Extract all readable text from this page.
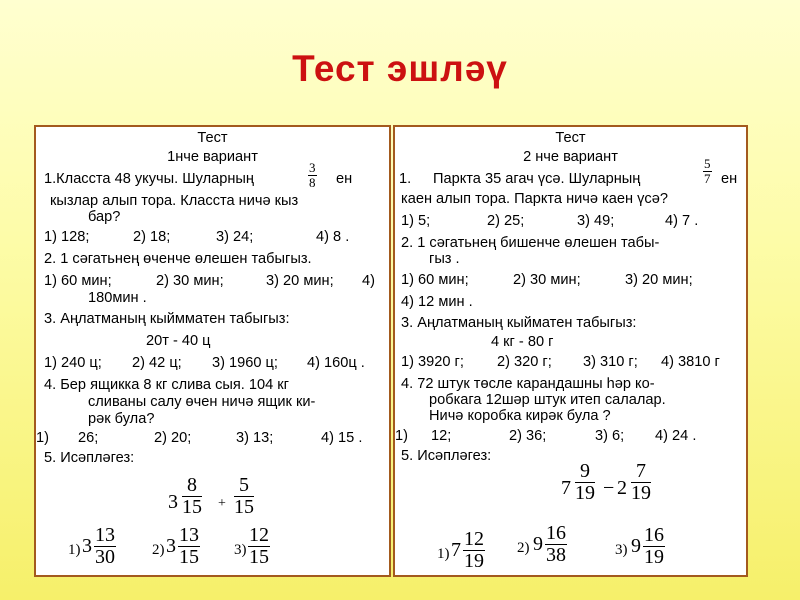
Тест эшләү
Тест
1нче вариант
1.Класста 48 укучы. Шуларның	$\frac{3}{8}$ ен
кызлар алып тора. Класста ничә кыз
бар?
1) 128;	2) 18;	3) 24;	4) 8 .
2. 1 сәгатьнең өченче өлешен табыгыз.
1) 60 мин;	2) 30 мин;	3) 20 мин; 4)
180мин .
3. Аңлатманың кыймматен табыгыз:
20т - 40 ц
1) 240 ц; 2) 42 ц; 3) 1960 ц; 4) 160ц .
4. Бер ящикка 8 кг слива сыя. 104 кг
сливаны салу өчен ничә ящик ки-
рәк була?
1) 26;	2) 20;	3) 13;	4) 15 .
5. Исәпләгез:
$3 \frac{8}{15} + \frac{5}{15}$
1) $3 \frac{13}{30} 2$) $3 \frac{13}{15} 3) \frac{12}{15}$
Тест
2 нче вариант
1. Паркта 35 агач үсә. Шуларның	$\frac{5}{7}$ ен
каен алып тора. Паркта ничә каен үсә?
1) 5;	2) 25;	3) 49;	4) 7 .
2. 1 сәгатьнең бишенче өлешен табы-
гыз .
1) 60 мин;	2) 30 мин;	3) 20 мин;
4) 12 мин .
3. Аңлатманың кыйматен табыгыз:
4 кг - 80 г
1) 3920 г; 2) 320 г; 3) 310 г; 4) 3810 г
4. 72 штук төсле карандашны һәр ко-
робкага 12шәр штук итеп салалар.
Ничә коробка кирәк була ?
1) 12;	2) 36;	3) 6; 4) 24 .
5. Исәпләгез:
$7 \frac{9}{19} - 2 \frac{7}{19}$
1) $7 \frac{12}{19} 2$) $9 \frac{16}{38}$	3) $9 \frac{16}{19}$
